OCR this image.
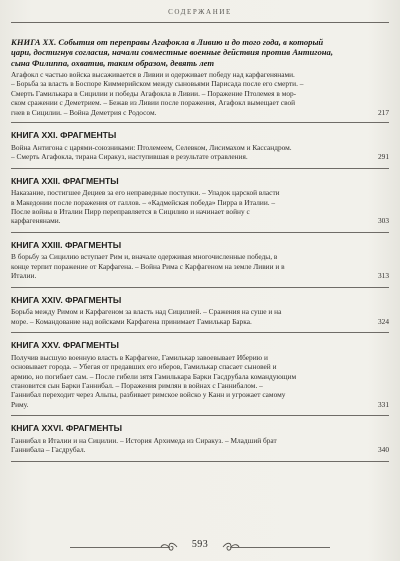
СОДЕРЖАНИЕ
КНИГА XX. События от переправы Агафокла в Ливию и до того года, в который
цари, достигнув согласия, начали совместные военные действия против Антигона,
сына Филиппа, охватив, таким образом, девять лет
Агафокл с частью войска высаживается в Ливии и одерживает победу над карфагенянами.
– Борьба за власть в Боспоре Киммерийском между сыновьями Парисада после его смерти. –
Смерть Гамилькара в Сицилии и победы Агафокла в Ливии. – Поражение Птолемея в мор-
ском сражении с Деметрием. – Бежав из Ливии после поражения, Агафокл вымещает свой
гнев в Сицилии. – Война Деметрия с Родосом.	217
КНИГА XXI. ФРАГМЕНТЫ
Война Антигона с царями-союзниками: Птолемеем, Селевком, Лисимахом и Кассандром.
– Смерть Агафокла, тирана Сиракуз, наступившая в результате отравления.	291
КНИГА XXII. ФРАГМЕНТЫ
Наказание, постигшее Дециев за его неправедные поступки. – Упадок царской власти
в Македонии после поражения от галлов. – «Кадмейская победа» Пирра в Италии. –
После войны в Италии Пирр переправляется в Сицилию и начинает войну с
карфагенянами.	303
КНИГА XXIII. ФРАГМЕНТЫ
В борьбу за Сицилию вступает Рим и, вначале одерживая многочисленные победы, в
конце терпит поражение от Карфагена. – Война Рима с Карфагеном на земле Ливии и в
Италии.	313
КНИГА XXIV. ФРАГМЕНТЫ
Борьба между Римом и Карфагеном за власть над Сицилией. – Сражения на суше и на
море. – Командование над войсками Карфагена принимает Гамилькар Барка.	324
КНИГА XXV. ФРАГМЕНТЫ
Получив высшую военную власть в Карфагене, Гамилькар завоевывает Иберию и
основывает города. – Убегая от предавших его иберов, Гамилькар спасает сыновей и
армию, но погибает сам. – После гибели зятя Гамилькара Барки Гасдрубала командующим
становится сын Барки Ганнибал. – Поражения римлян в войнах с Ганнибалом. –
Ганнибал переходит через Альпы, разбивает римское войско у Канн и угрожает самому
Риму.	331
КНИГА XXVI. ФРАГМЕНТЫ
Ганнибал в Италии и на Сицилии. – История Архимеда из Сиракуз. – Младший брат
Ганнибала – Гасдрубал.	340
593
